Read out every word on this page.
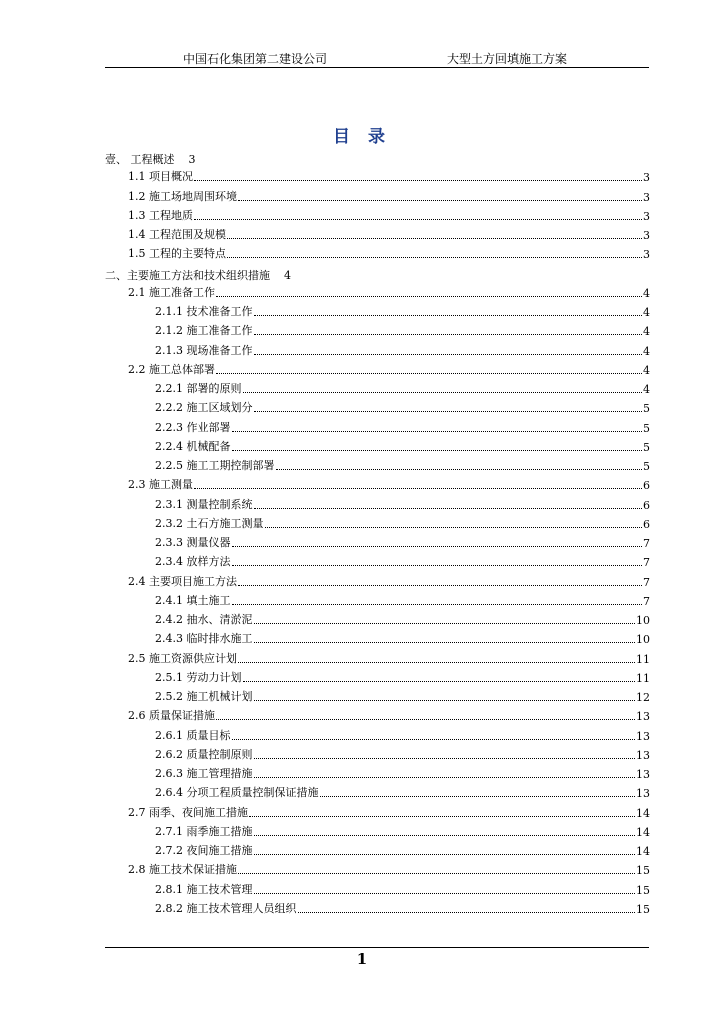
中国石化集团第二建设公司	大型土方回填施工方案
目 录
壹、 工程概述 3
1.1 项目概况	3
1.2 施工场地周围环境	3
1.3 工程地质	3
1.4 工程范围及规模	3
1.5 工程的主要特点	3
二、主要施工方法和技术组织措施 4
2.1 施工准备工作	4
2.1.1 技术准备工作	4
2.1.2 施工准备工作	4
2.1.3 现场准备工作	4
2.2 施工总体部署	4
2.2.1 部署的原则	4
2.2.2 施工区域划分	5
2.2.3 作业部署	5
2.2.4 机械配备	5
2.2.5 施工工期控制部署	5
2.3 施工测量	6
2.3.1 测量控制系统	6
2.3.2 土石方施工测量	6
2.3.3 测量仪器	7
2.3.4 放样方法	7
2.4 主要项目施工方法	7
2.4.1 填土施工	7
2.4.2 抽水、清淤泥	10
2.4.3 临时排水施工	10
2.5 施工资源供应计划	11
2.5.1 劳动力计划	11
2.5.2 施工机械计划	12
2.6 质量保证措施	13
2.6.1 质量目标	13
2.6.2 质量控制原则	13
2.6.3 施工管理措施	13
2.6.4 分项工程质量控制保证措施	13
2.7 雨季、夜间施工措施	14
2.7.1 雨季施工措施	14
2.7.2 夜间施工措施	14
2.8 施工技术保证措施	15
2.8.1 施工技术管理	15
2.8.2 施工技术管理人员组织	15
1
